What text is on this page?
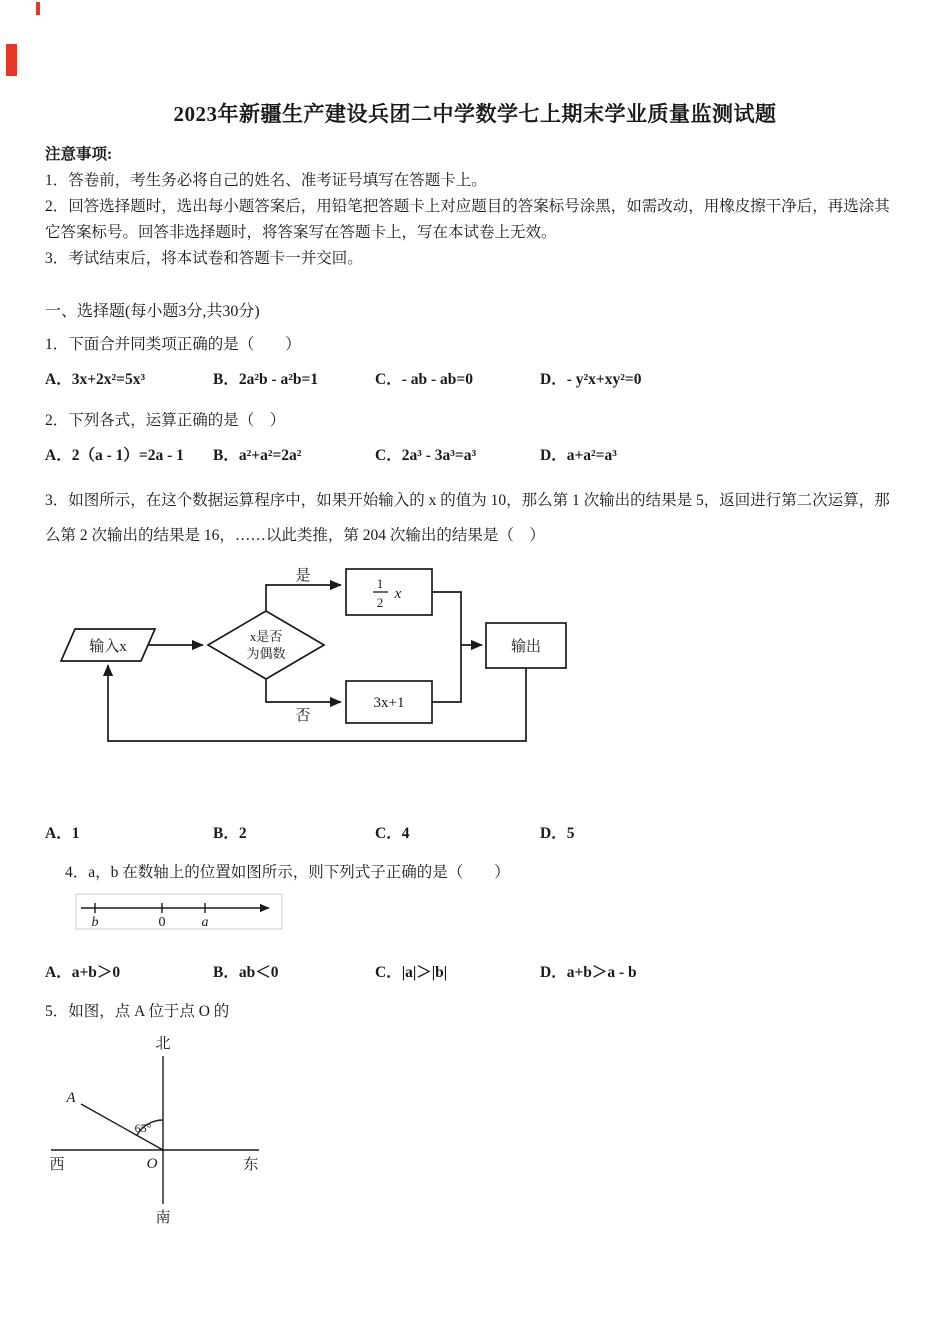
2023年新疆生产建设兵团二中学数学七上期末学业质量监测试题

注意事项:

1．答卷前，考生务必将自己的姓名、准考证号填写在答题卡上。

2．回答选择题时，选出每小题答案后，用铅笔把答题卡上对应题目的答案标号涂黑，如需改动，用橡皮擦干净后，再选涂其它答案标号。回答非选择题时，将答案写在答题卡上，写在本试卷上无效。

3．考试结束后，将本试卷和答题卡一并交回。

一、选择题(每小题3分,共30分)

1．下面合并同类项正确的是（　　）

A．3x+2x²=5x³	B．2a²b - a²b=1	C．- ab - ab=0	D．- y²x+xy²=0

2．下列各式，运算正确的是（　）

A．2（a - 1）=2a - 1	B．a²+a²=2a²	C．2a³ - 3a³=a³	D．a+a²=a³

3．如图所示，在这个数据运算程序中，如果开始输入的 x 的值为 10，那么第 1 次输出的结果是 5，返回进行第二次运算，那么第 2 次输出的结果是 16，……以此类推，第 204 次输出的结果是（　）

输入x
x是否
为偶数
是
否
1
2
x
3x+1
输出
A．1	B．2	C．4	D．5

4．a，b 在数轴上的位置如图所示，则下列式子正确的是（　　）

b	0	a
A．a+b＞0	B．ab＜0	C．|a|＞|b|	D．a+b＞a - b

5．如图，点 A 位于点 O 的

北
南
西	东
O
A
65°
